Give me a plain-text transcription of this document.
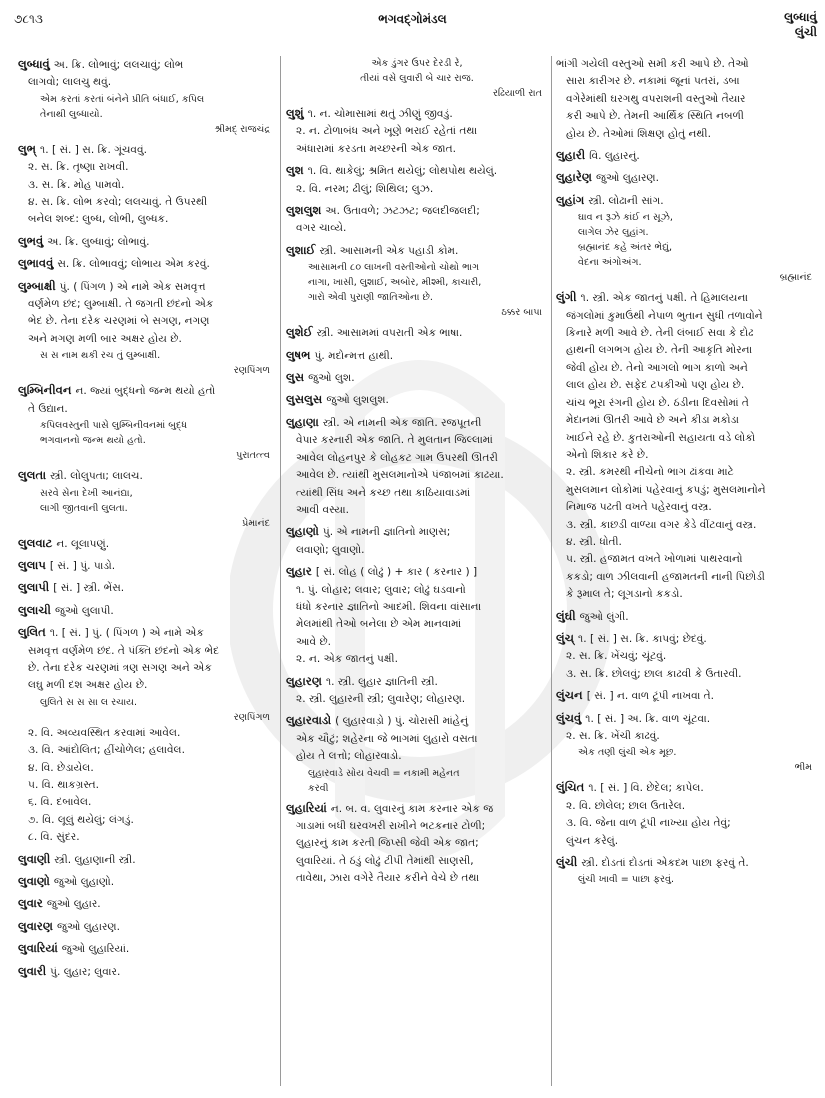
૭૮૧૩	ભગવદ્ગોમંડલ	લુબ્ધાવું
લુંચી
લુબ્ધાવું અ. ક્રિ. લોભાવું; લલચાવું; લોભ
લાગવો; લાલચુ થવું.
એમ કરતાં કરતાં બંનેને પ્રીતિ બંધાઈ, કપિલ
તેનાથી લુબ્ધાયો.
શ્રીમદ્ રાજચંદ્ર
લુભ્ ૧. [ સં. ] સ. ક્રિ. ગૂંચવવું.
૨. સ. ક્રિ. તૃષ્ણા રાખવી.
૩. સ. ક્રિ. મોહ પામવો.
૪. સ. ક્રિ. લોભ કરવો; લલચાવું. તે ઉપરથી
બનેલ શબ્દ: લુબ્ધ, લોભી, લુબ્ધક.
લુભવું અ. ક્રિ. લુબ્ધાવું; લોભાવું.
લુભાવવું સ. ક્રિ. લોભાવવું; લોભાય એમ કરવું.
લુમ્બાક્ષી પું. ( પિંગળ ) એ નામે એક સમવૃત્ત
વર્ણમેળ છંદ; લુમ્બાક્ષી. તે જગતી છંદનો એક
ભેદ છે. તેના દરેક ચરણમાં બે સગણ, નગણ
અને મગણ મળી બાર અક્ષર હોય છે.
સ સ નામ થકી રચ તું લુમ્બાક્ષી.
રણપિંગળ
લુમ્બિનીવન ન. જ્યાં બુદ્ધનો જન્મ થયો હતો
તે ઉદ્યાન.
કપિલવસ્તુની પાસે લુમ્બિનીવનમાં બુદ્ધ
ભગવાનનો જન્મ થયો હતો.
પુરાતત્ત્વ
લુલતા સ્ત્રી. લોલુપતા; લાલચ.
સરવે સેના દેખી આનંદ્યા,
લાગી જીતવાની લુલતા.
પ્રેમાનંદ
લુલવાટ ન. લૂલાપણું.
લુલાપ [ સં. ] પું. પાડો.
લુલાપી [ સં. ] સ્ત્રી. ભેંસ.
લુલાચી જુઓ લુલાપી.
લુલિત ૧. [ સં. ] પું. ( પિંગળ ) એ નામે એક
સમવૃત્ત વર્ણમેળ છંદ. તે પંક્તિ છંદનો એક ભેદ
છે. તેના દરેક ચરણમાં ત્રણ સગણ અને એક
લઘુ મળી દશ અક્ષર હોય છે.
લુલિતે સ સ સા લ રચાય.
રણપિંગળ
૨. વિ. અવ્યવસ્થિત કરવામાં આવેલ.
૩. વિ. આંદોલિત; હીંચોળેલ; હલાવેલ.
૪. વિ. છેડાયેલ.
૫. વિ. થાકગ્રસ્ત.
૬. વિ. દબાવેલ.
૭. વિ. લૂલું થયેલું; લંગડું.
૮. વિ. સુંદર.
લુવાણી સ્ત્રી. લુહાણાની સ્ત્રી.
લુવાણો જુઓ લુહાણો.
લુવાર જુઓ લુહાર.
લુવારણ જુઓ લુહારણ.
લુવારિયાં જુઓ લુહારિયાં.
લુવારી પું. લુહાર; લુવાર.
એક ડુંગર ઉપર દેરડી રે,
તીયાં વસે લુવારી બે ચાર રાજ.
રઢિયાળી રાત
લુશું ૧. ન. ચોમાસામાં થતું ઝીણું જીવડું.
૨. ન. ટોળાબંધ અને ખૂણે ભરાઈ રહેતાં તથા
અંધારામાં કરડતા મચ્છરની એક જાત.
લુશ ૧. વિ. થાકેલું; શ્રમિત થયેલું; લોથપોથ થયેલું.
૨. વિ. નરમ; ઢીલું; શિથિલ; લુઝ.
લુશલુશ અ. ઉતાવળે; ઝટઝટ; જલદીજલદી;
વગર ચાવ્યે.
લુશાઈ સ્ત્રી. આસામની એક પહાડી કોમ.
આસામની ૮૦ લાખની વસ્તીઓનો ચોથો ભાગ
નાગા, ખાસી, લુશાઈ, અબોર, મીશ્મી, કાચારી,
ગારો એવી પુરાણી જાતિઓના છે.
ઠક્કર બાપા
લુશેઈ સ્ત્રી. આસામમાં વપરાતી એક ભાષા.
લુષભ પું. મદોન્મત્ત હાથી.
લુસ જુઓ લુશ.
લુસલુસ જુઓ લુશલુશ.
લુહાણા સ્ત્રી. એ નામની એક જાતિ. રજપૂતની
વેપાર કરનારી એક જાતિ. તે મુલતાન જિલ્લામાં
આવેલ લોહનપુર કે લોહકટ ગામ ઉપરથી ઊતરી
આવેલ છે. ત્યાંથી મુસલમાનોએ પંજાબમાં કાઢયા.
ત્યાંથી સિંધ અને કચ્છ તથા કાઠિયાવાડમાં
આવી વસ્યા.
લુહાણો પું. એ નામની જ્ઞાતિનો માણસ;
લવાણો; લુવાણો.
લુહાર [ સં. લોહ ( લોઢું ) + કાર ( કરનાર ) ]
૧. પું. લોહાર; લવાર; લુવાર; લોઢું ઘડવાનો
ધંધો કરનાર જ્ઞાતિનો આદમી. શિવના વાંસાના
મેલમાંથી તેઓ બનેલા છે એમ માનવામાં
આવે છે.
૨. ન. એક જાતનું પક્ષી.
લુહારણ ૧. સ્ત્રી. લુહાર જ્ઞાતિની સ્ત્રી.
૨. સ્ત્રી. લુહારની સ્ત્રી; લુવારેણ; લોહારણ.
લુહારવાડો ( લુહારવાડ઼ો ) પું. ચોરાસી માંહેનું
એક ચૌટું; શહેરના જે ભાગમાં લુહારો વસતા
હોય તે લત્તો; લોહારવાડો.
લુહારવાડે સોય વેચવી = નકામી મહેનત
કરવી
લુહારિયાં ન. બ. વ. લુવારનું કામ કરનાર એક જ
ગાડામાં બધી ઘરવખરી રાખીને ભટકનાર ટોળી;
લુહારનું કામ કરતી જિપ્સી જેવી એક જાત;
લુવારિયાં. તે ઠંડું લોઢું ટીપી તેમાંથી સાણસી,
તાવેથા, ઝારા વગેરે તૈયાર કરીને વેચે છે તથા
ભાંગી ગયેલી વસ્તુઓ સમી કરી આપે છે. તેઓ
સારા કારીગર છે. નકામાં જૂનાં પતરાં, ડબા
વગેરેમાંથી ઘરગથુ વપરાશની વસ્તુઓ તૈયાર
કરી આપે છે. તેમની આર્થિક સ્થિતિ નબળી
હોય છે. તેઓમાં શિક્ષણ હોતું નથી.
લુહારી વિ. લુહારનું.
લુહારેણ જુઓ લુહારણ.
લુહાંગ સ્ત્રી. લોઢાની સાંગ.
ઘાવ ન રૂઝે કાંઈ ન સૂઝે,
લાગેલ ઝેર લુહાંગ.
બ્રહ્માનંદ કહે અંતર ભેદ્યું,
વેદના અંગોઅંગ.
બ્રહ્માનંદ
લુંગી ૧. સ્ત્રી. એક જાતનું પક્ષી. તે હિમાલયના
જંગલોમાં કુમાઉંથી નેપાળ ભુતાન સુધી તળાવોને
કિનારે મળી આવે છે. તેની લંબાઈ સવા કે દોઢ
હાથની લગભગ હોય છે. તેની આકૃતિ મોરના
જેવી હોય છે. તેનો આગલો ભાગ કાળો અને
લાલ હોય છે. સફેદ ટપકીઓ પણ હોય છે.
ચાંચ ભૂરા રંગની હોય છે. ઠંડીના દિવસોમાં તે
મેદાનમાં ઊતરી આવે છે અને કીડા મકોડા
ખાઈને રહે છે. કુતરાઓની સહાયતા વડે લોકો
એનો શિકાર કરે છે.
૨. સ્ત્રી. કમરથી નીચેનો ભાગ ઢાંકવા માટે
મુસલમાન લોકોમાં પહેરવાનું કપડું; મુસલમાનોને
નિમાજ પઢતી વખતે પહેરવાનું વસ્ત્ર.
૩. સ્ત્રી. કાછડી વાળ્યા વગર કેડે વીંટવાનું વસ્ત્ર.
૪. સ્ત્રી. ધોતી.
૫. સ્ત્રી. હજામત વખતે ખોળામાં પાથરવાનો
કકડો; વાળ ઝીલવાની હજામતની નાની પિછોડી
કે રૂમાલ તે; લૂગડાનો કકડો.
લુંઘી જુઓ લુંગી.
લુંચ્ ૧. [ સં. ] સ. ક્રિ. કાપવું; છેદવું.
૨. સ. ક્રિ. ખેંચવું; ચૂંટવું.
૩. સ. ક્રિ. છોલવું; છાલ કાઢવી કે ઉતારવી.
લુંચન [ સં. ] ન. વાળ ટૂંપી નાખવા તે.
લુંચવું ૧. [ સં. ] અ. ક્રિ. વાળ ચૂંટવા.
૨. સ. ક્રિ. ખેંચી કાઢવું.
એક તણી લુંચી એક મૂછ.
ભીમ
લુંચિત ૧. [ સં. ] વિ. છેદેલ; કાપેલ.
૨. વિ. છોલેલ; છાલ ઉતારેલ.
૩. વિ. જેના વાળ ટૂંપી નાખ્યા હોય તેવું;
લુંચન કરેલું.
લુંચી સ્ત્રી. દોડતાં દોડતાં એકદમ પાછા ફરવું તે.
લુંચી ખાવી = પાછા ફરવું.
